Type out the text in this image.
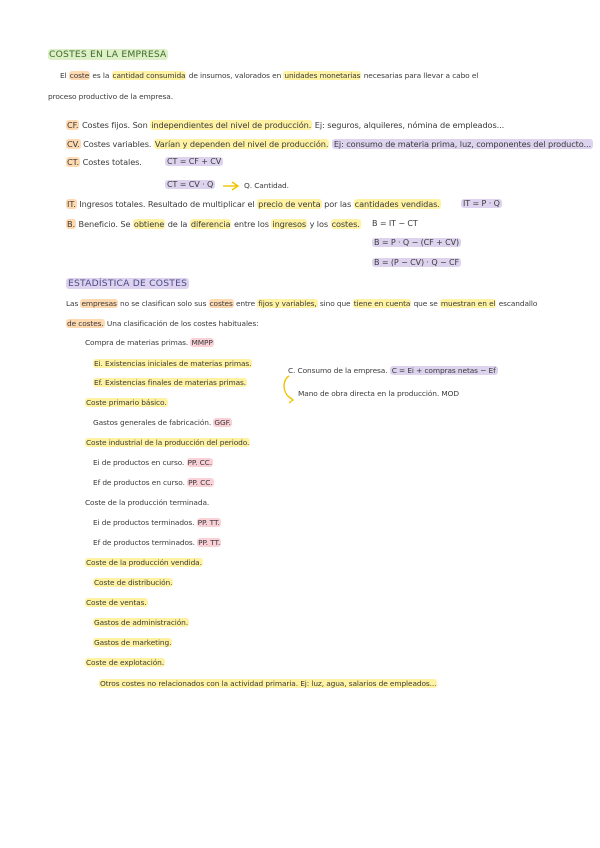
COSTES EN LA EMPRESA
El coste es la cantidad consumida de insumos, valorados en unidades monetarias necesarias para llevar a cabo el
proceso productivo de la empresa.
CF. Costes fijos. Son independientes del nivel de producción. Ej: seguros, alquileres, nómina de empleados...
CV. Costes variables. Varían y dependen del nivel de producción. Ej: consumo de materia prima, luz, componentes del producto...
CT. Costes totales.	CT = CF + CV
CT = CV · Q	Q. Cantidad.
IT. Ingresos totales. Resultado de multiplicar el precio de venta por las cantidades vendidas.	IT = P · Q
B. Beneficio. Se obtiene de la diferencia entre los ingresos y los costes. B = IT − CT
B = P · Q − (CF + CV)
B = (P − CV) · Q − CF
ESTADÍSTICA DE COSTES
Las empresas no se clasifican solo sus costes entre fijos y variables, sino que tiene en cuenta que se muestran en el escandallo
de costes. Una clasificación de los costes habituales:
Compra de materias primas. MMPP
Ei. Existencias iniciales de materias primas.
Ef. Existencias finales de materias primas.
Coste primario básico.
Gastos generales de fabricación. GGF.
Coste industrial de la producción del periodo.
Ei de productos en curso. PP. CC.
Ef de productos en curso. PP. CC.
Coste de la producción terminada.
Ei de productos terminados. PP. TT.
Ef de productos terminados. PP. TT.
Coste de la producción vendida.
Coste de distribución.
Coste de ventas.
Gastos de administración.
Gastos de marketing.
Coste de explotación.
Otros costes no relacionados con la actividad primaria. Ej: luz, agua, salarios de empleados...
C. Consumo de la empresa. C = Ei + compras netas − Ef
Mano de obra directa en la producción. MOD
